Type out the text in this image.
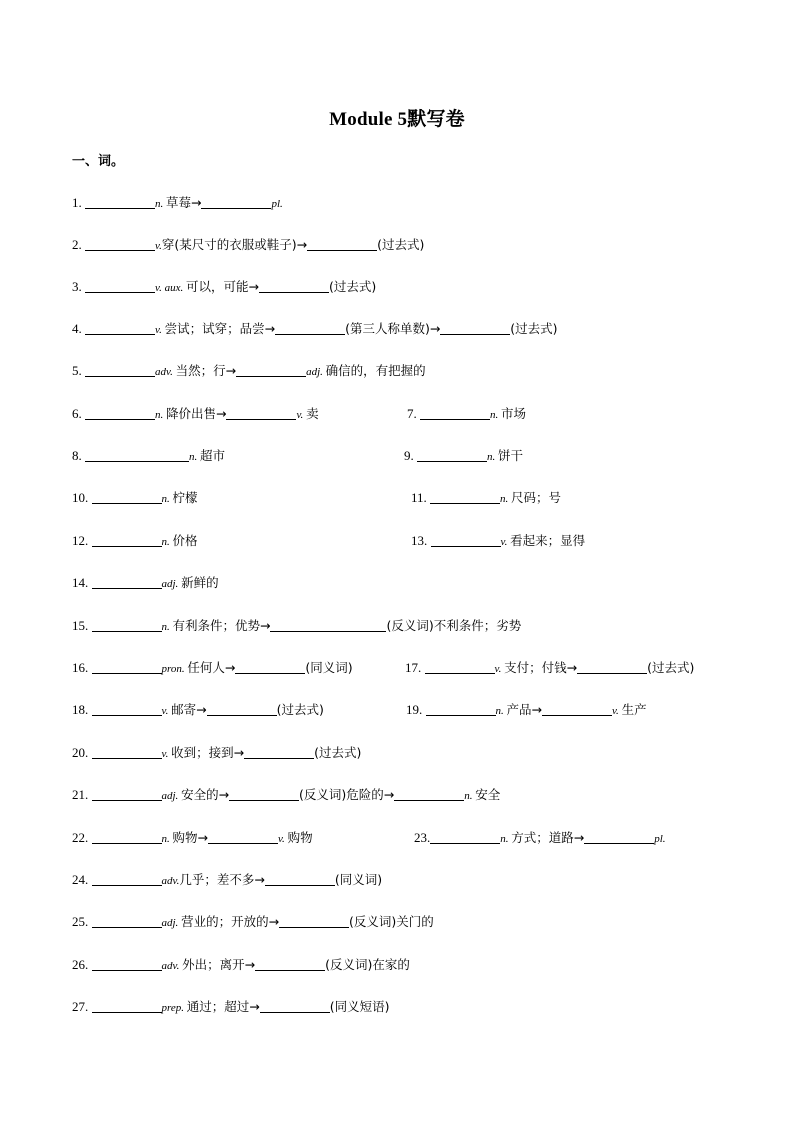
Module 5默写卷
一、词。
1.	n. 草莓→	pl.
2.	v.穿(某尺寸的衣服或鞋子)→	(过去式)
3.	v. aux. 可以，可能→	(过去式)
4.	v. 尝试；试穿；品尝→	(第三人称单数)→	(过去式)
5.	adv. 当然；行→	adj. 确信的，有把握的
6.	n. 降价出售→	v. 卖	7.	n. 市场
8.	n. 超市	9.	n. 饼干
10.	n. 柠檬	11.	n. 尺码；号
12.	n. 价格	13.	v. 看起来；显得
14.	adj. 新鲜的
15.	n. 有利条件；优势→	(反义词)不利条件；劣势
16.	pron. 任何人→	(同义词)	17.	v. 支付；付钱→	(过去式)
18.	v. 邮寄→	(过去式)	19.	n. 产品→	v. 生产
20.	v. 收到；接到→	(过去式)
21.	adj. 安全的→	(反义词)危险的→	n. 安全
22.	n. 购物→	v. 购物	23.	n. 方式；道路→	pl.
24.	adv.几乎；差不多→	(同义词)
25.	adj. 营业的；开放的→	(反义词)关门的
26.	adv. 外出；离开→	(反义词)在家的
27.	prep. 通过；超过→	(同义短语)
